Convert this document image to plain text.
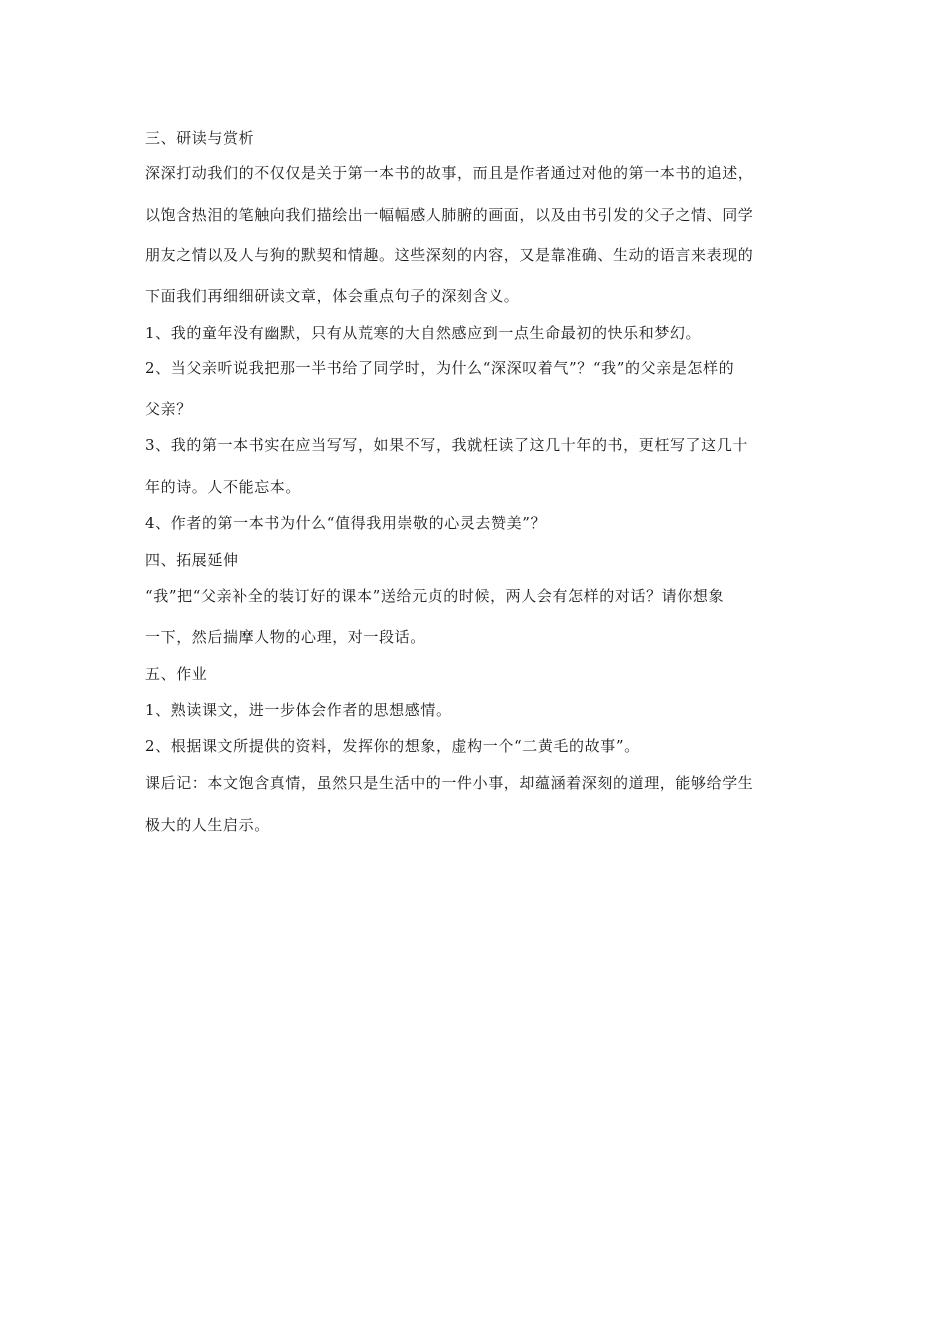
三、研读与赏析
深深打动我们的不仅仅是关于第一本书的故事，而且是作者通过对他的第一本书的追述，
以饱含热泪的笔触向我们描绘出一幅幅感人肺腑的画面，以及由书引发的父子之情、同学
朋友之情以及人与狗的默契和情趣。这些深刻的内容，又是靠准确、生动的语言来表现的
下面我们再细细研读文章，体会重点句子的深刻含义。
1、我的童年没有幽默，只有从荒寒的大自然感应到一点生命最初的快乐和梦幻。
2、当父亲听说我把那一半书给了同学时，为什么“深深叹着气”？“我”的父亲是怎样的
父亲？
3、我的第一本书实在应当写写，如果不写，我就枉读了这几十年的书，更枉写了这几十
年的诗。人不能忘本。
4、作者的第一本书为什么“值得我用崇敬的心灵去赞美”？
四、拓展延伸
“我”把“父亲补全的装订好的课本”送给元贞的时候，两人会有怎样的对话？请你想象
一下，然后揣摩人物的心理，对一段话。
五、作业
1、熟读课文，进一步体会作者的思想感情。
2、根据课文所提供的资料，发挥你的想象，虚构一个“二黄毛的故事”。
课后记：本文饱含真情，虽然只是生活中的一件小事，却蕴涵着深刻的道理，能够给学生
极大的人生启示。
